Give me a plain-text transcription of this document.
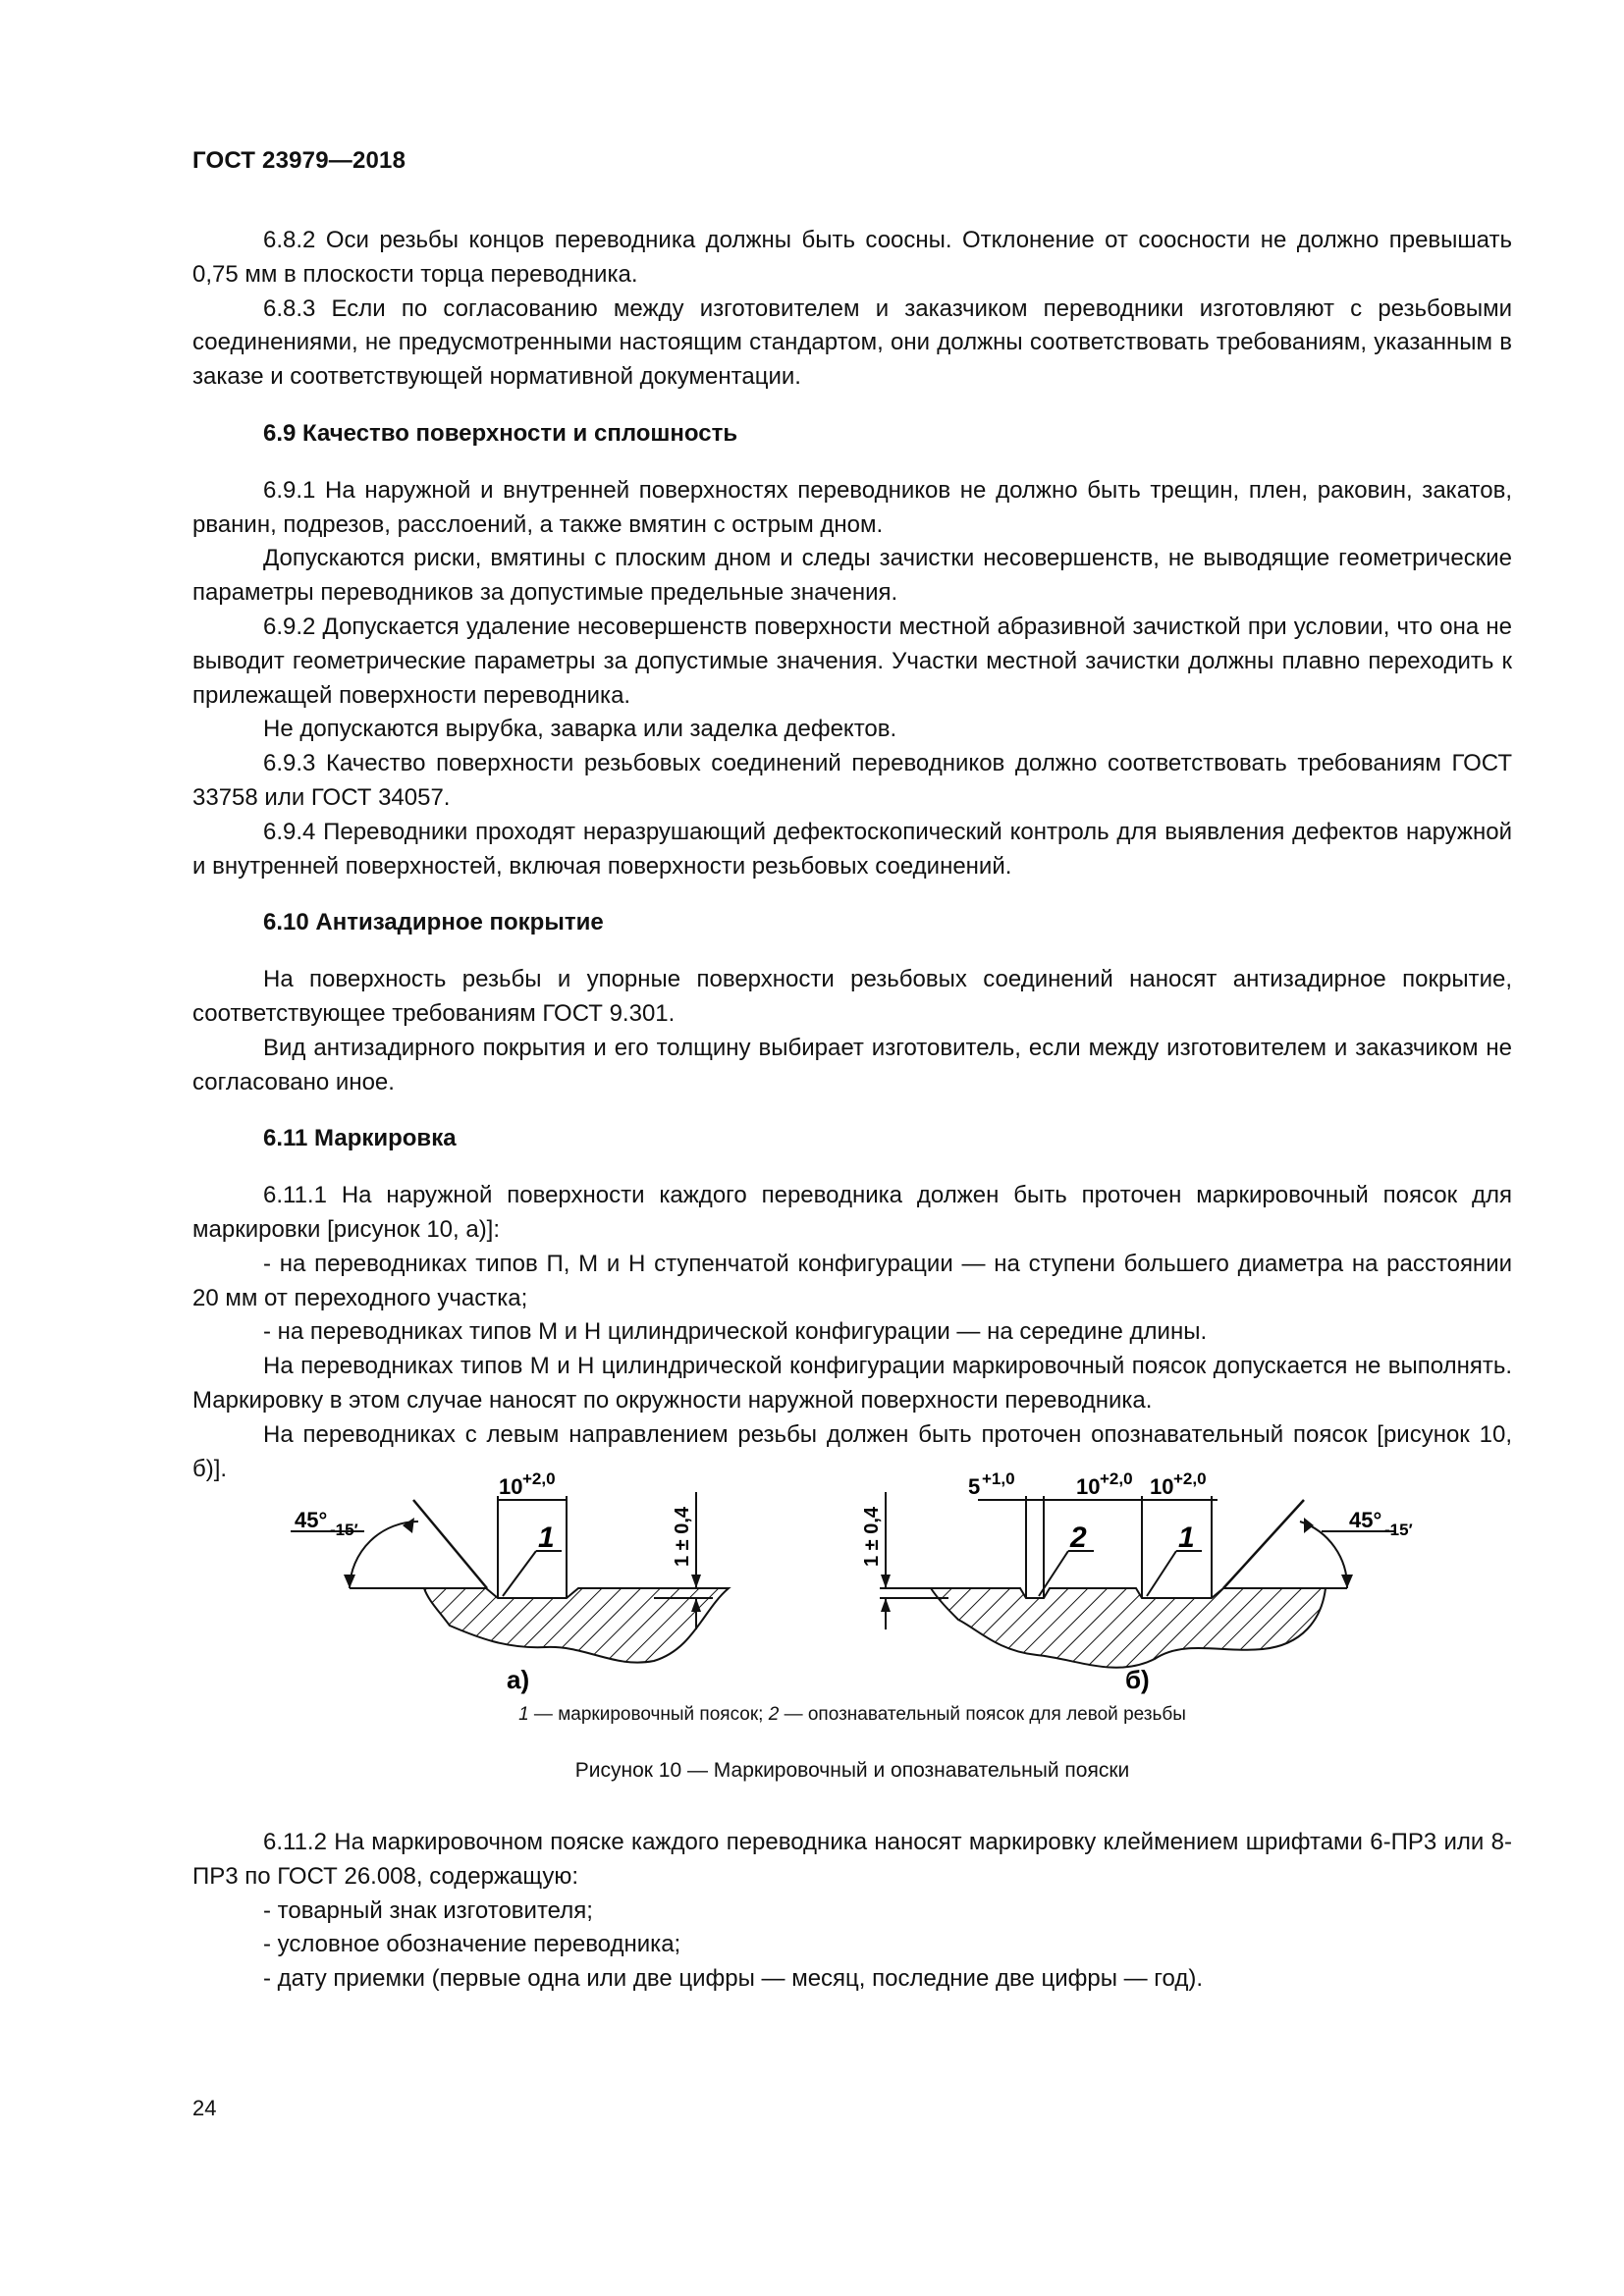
ГОСТ 23979—2018

6.8.2 Оси резьбы концов переводника должны быть соосны. Отклонение от соосности не должно превышать 0,75 мм в плоскости торца переводника.

6.8.3 Если по согласованию между изготовителем и заказчиком переводники изготовляют с резьбовыми соединениями, не предусмотренными настоящим стандартом, они должны соответствовать требованиям, указанным в заказе и соответствующей нормативной документации.

6.9 Качество поверхности и сплошность

6.9.1 На наружной и внутренней поверхностях переводников не должно быть трещин, плен, раковин, закатов, рванин, подрезов, расслоений, а также вмятин с острым дном.

Допускаются риски, вмятины с плоским дном и следы зачистки несовершенств, не выводящие геометрические параметры переводников за допустимые предельные значения.

6.9.2 Допускается удаление несовершенств поверхности местной абразивной зачисткой при условии, что она не выводит геометрические параметры за допустимые значения. Участки местной зачистки должны плавно переходить к прилежащей поверхности переводника.

Не допускаются вырубка, заварка или заделка дефектов.

6.9.3 Качество поверхности резьбовых соединений переводников должно соответствовать требованиям ГОСТ 33758 или ГОСТ 34057.

6.9.4 Переводники проходят неразрушающий дефектоскопический контроль для выявления дефектов наружной и внутренней поверхностей, включая поверхности резьбовых соединений.

6.10 Антизадирное покрытие

На поверхность резьбы и упорные поверхности резьбовых соединений наносят антизадирное покрытие, соответствующее требованиям ГОСТ 9.301.

Вид антизадирного покрытия и его толщину выбирает изготовитель, если между изготовителем и заказчиком не согласовано иное.

6.11 Маркировка

6.11.1 На наружной поверхности каждого переводника должен быть проточен маркировочный поясок для маркировки [рисунок 10, а)]:

- на переводниках типов П, М и Н ступенчатой конфигурации — на ступени большего диаметра на расстоянии 20 мм от переходного участка;

- на переводниках типов М и Н цилиндрической конфигурации — на середине длины.

На переводниках типов М и Н цилиндрической конфигурации маркировочный поясок допускается не выполнять. Маркировку в этом случае наносят по окружности наружной поверхности переводника.

На переводниках с левым направлением резьбы должен быть проточен опознавательный поясок [рисунок 10, б)].

45° -15′
10 +2,0
1	1 ± 0,4
а)
5 +1,0	10 +2,0 10 +2,0
2	1
45° -15′
1 ± 0,4
б)
1 — маркировочный поясок; 2 — опознавательный поясок для левой резьбы
Рисунок 10 — Маркировочный и опознавательный пояски

6.11.2 На маркировочном пояске каждого переводника наносят маркировку клеймением шрифтами 6-ПР3 или 8-ПР3 по ГОСТ 26.008, содержащую:

- товарный знак изготовителя;

- условное обозначение переводника;

- дату приемки (первые одна или две цифры — месяц, последние две цифры — год).

24
